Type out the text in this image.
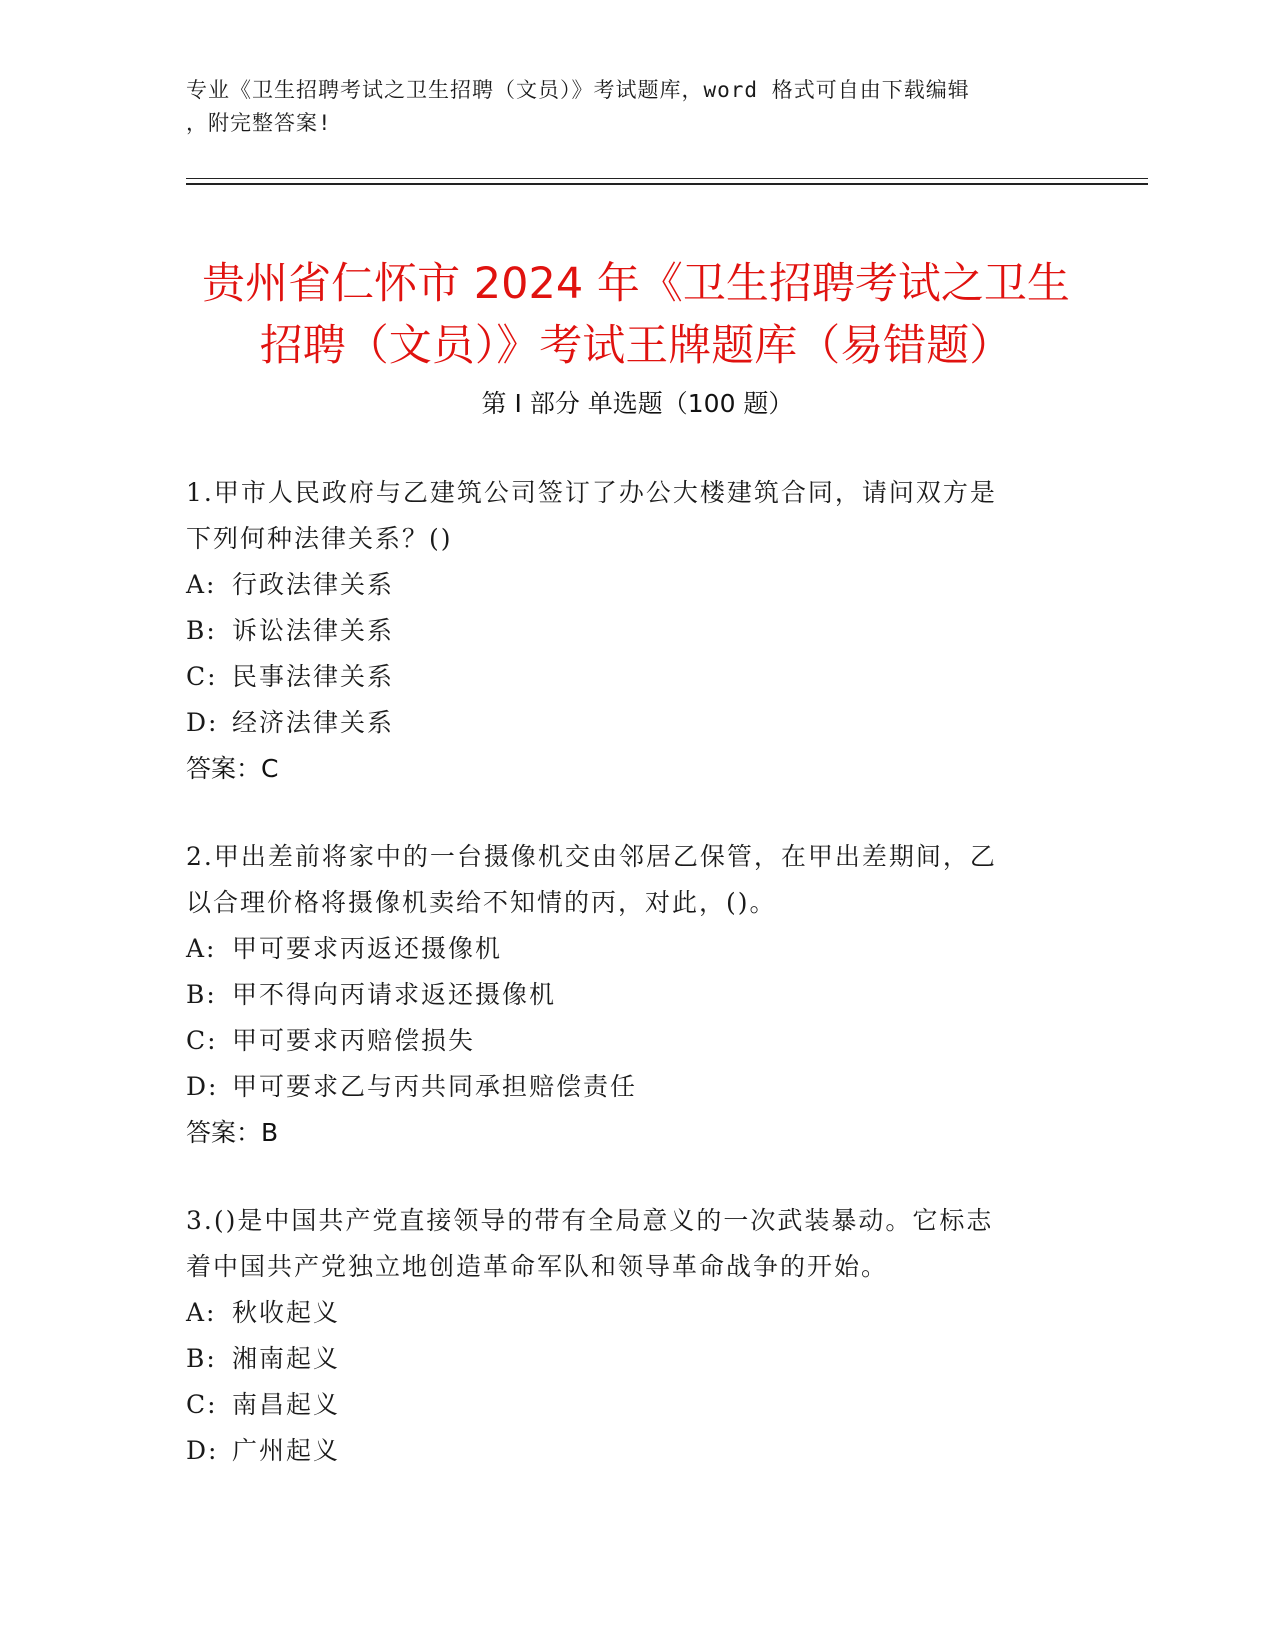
专业《卫生招聘考试之卫生招聘（文员）》考试题库，word 格式可自由下载编辑
，附完整答案!
贵州省仁怀市 2024 年《卫生招聘考试之卫生
招聘（文员）》考试王牌题库（易错题）
第 I 部分 单选题（100 题）
1.甲市人民政府与乙建筑公司签订了办公大楼建筑合同，请问双方是
下列何种法律关系？()
A: 行政法律关系
B: 诉讼法律关系
C: 民事法律关系
D: 经济法律关系
答案：C
2.甲出差前将家中的一台摄像机交由邻居乙保管，在甲出差期间，乙
以合理价格将摄像机卖给不知情的丙，对此，()。
A: 甲可要求丙返还摄像机
B: 甲不得向丙请求返还摄像机
C: 甲可要求丙赔偿损失
D: 甲可要求乙与丙共同承担赔偿责任
答案：B
3.()是中国共产党直接领导的带有全局意义的一次武装暴动。它标志
着中国共产党独立地创造革命军队和领导革命战争的开始。
A: 秋收起义
B: 湘南起义
C: 南昌起义
D: 广州起义
